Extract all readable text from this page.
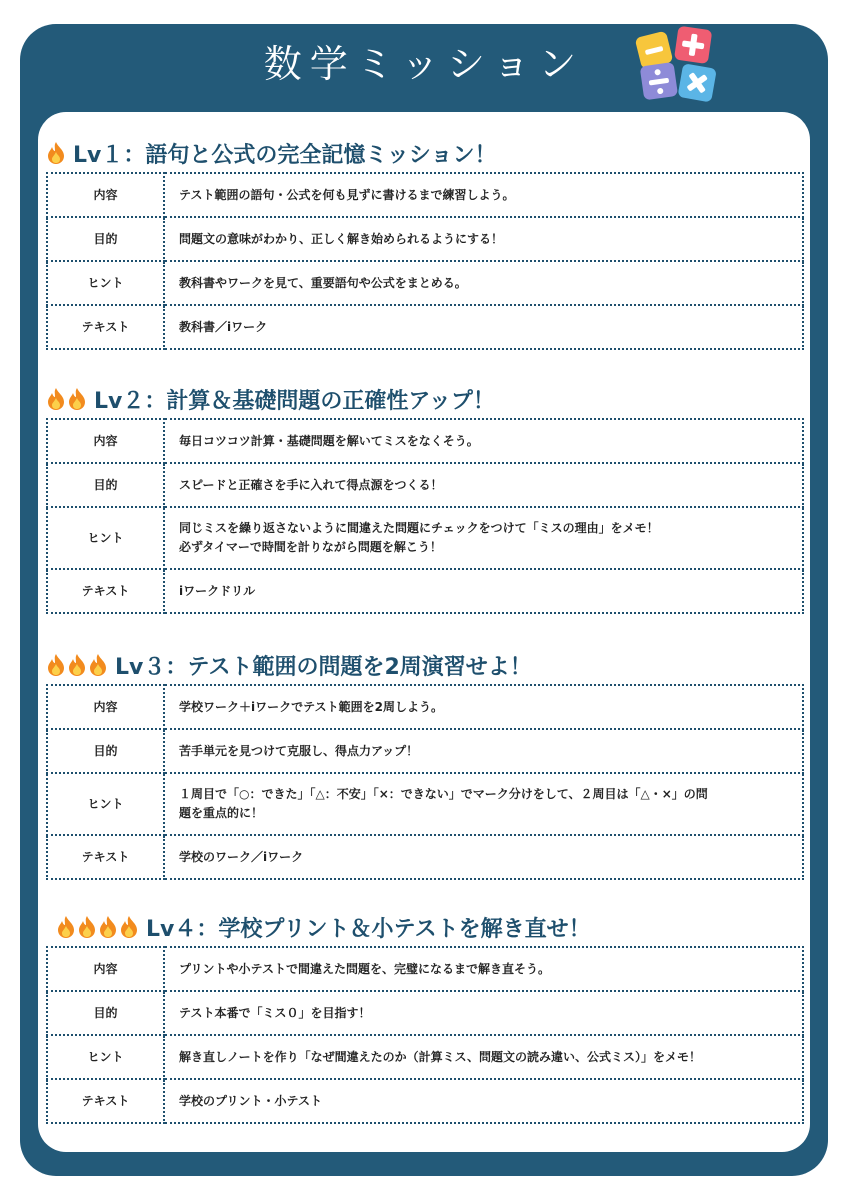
数学ミッション
Lv１：語句と公式の完全記憶ミッション！
内容	テスト範囲の語句・公式を何も見ずに書けるまで練習しよう。
目的	問題文の意味がわかり、正しく解き始められるようにする！
ヒント	教科書やワークを見て、重要語句や公式をまとめる。
テキスト	教科書／iワーク
Lv２：計算＆基礎問題の正確性アップ！
内容	毎日コツコツ計算・基礎問題を解いてミスをなくそう。
目的	スピードと正確さを手に入れて得点源をつくる！
ヒント	同じミスを繰り返さないように間違えた問題にチェックをつけて「ミスの理由」をメモ！
必ずタイマーで時間を計りながら問題を解こう！

テキスト	iワークドリル
Lv３：テスト範囲の問題を2周演習せよ！
内容	学校ワーク＋iワークでテスト範囲を2周しよう。
目的	苦手単元を見つけて克服し、得点力アップ！
ヒント	１周目で「○：できた」「△：不安」「×：できない」でマーク分けをして、２周目は「△・×」の問
題を重点的に！

テキスト	学校のワーク／iワーク
Lv４：学校プリント＆小テストを解き直せ！
内容	プリントや小テストで間違えた問題を、完璧になるまで解き直そう。
目的	テスト本番で「ミス０」を目指す！
ヒント	解き直しノートを作り「なぜ間違えたのか（計算ミス、問題文の読み違い、公式ミス）」をメモ！
テキスト	学校のプリント・小テスト
